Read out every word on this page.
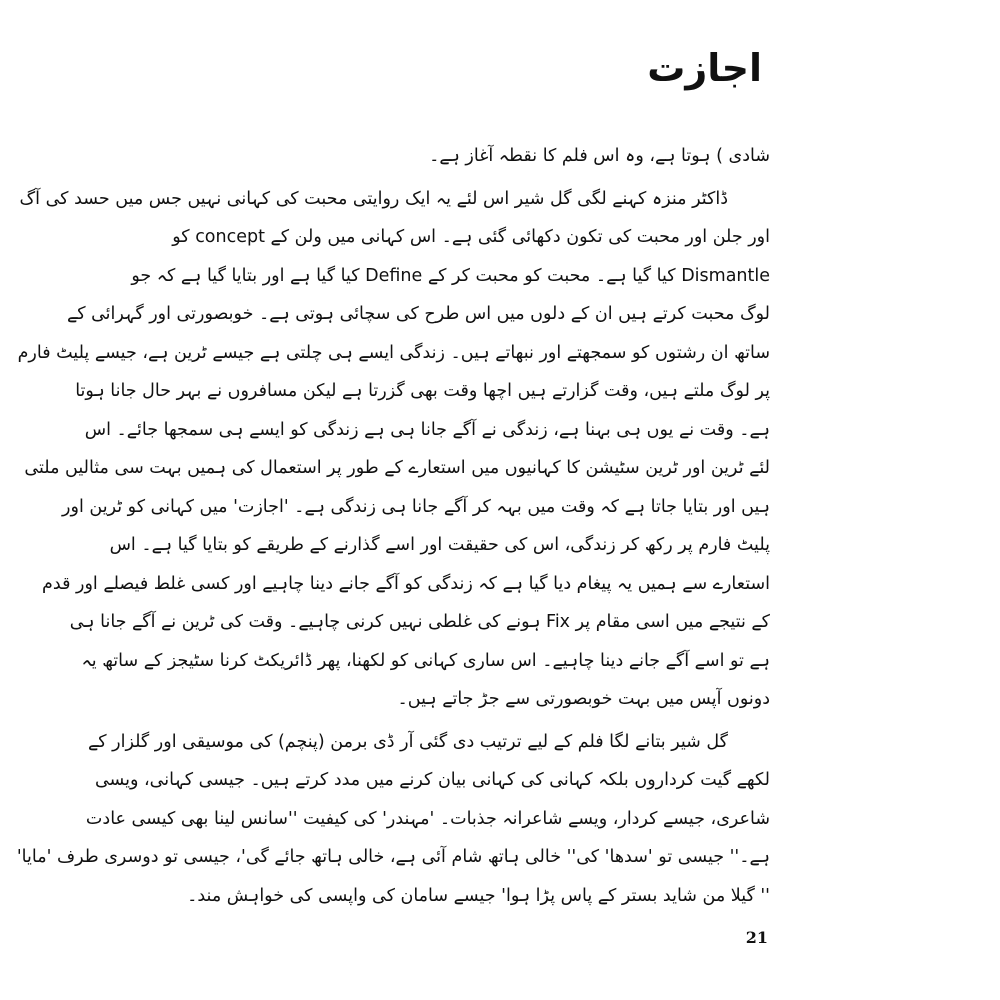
اجازت
شادی ) ہوتا ہے، وہ اس فلم کا نقطہ آغاز ہے۔
ڈاکٹر منزہ کہنے لگی گل شیر اس لئے یہ ایک روایتی محبت کی کہانی نہیں جس میں حسد کی آگ
اور جلن اور محبت کی تکون دکھائی گئی ہے۔ اس کہانی میں ولن کے concept کو
Dismantle کیا گیا ہے۔ محبت کو محبت کر کے Define کیا گیا ہے اور بتایا گیا ہے کہ جو
لوگ محبت کرتے ہیں ان کے دلوں میں اس طرح کی سچائی ہوتی ہے۔ خوبصورتی اور گہرائی کے
ساتھ ان رشتوں کو سمجھتے اور نبھاتے ہیں۔ زندگی ایسے ہی چلتی ہے جیسے ٹرین ہے، جیسے پلیٹ فارم
پر لوگ ملتے ہیں، وقت گزارتے ہیں اچھا وقت بھی گزرتا ہے لیکن مسافروں نے بہر حال جانا ہوتا
ہے۔ وقت نے یوں ہی بہنا ہے، زندگی نے آگے جانا ہی ہے زندگی کو ایسے ہی سمجھا جائے۔ اس
لئے ٹرین اور ٹرین سٹیشن کا کہانیوں میں استعارے کے طور پر استعمال کی ہمیں بہت سی مثالیں ملتی
ہیں اور بتایا جاتا ہے کہ وقت میں بہہ کر آگے جانا ہی زندگی ہے۔ 'اجازت' میں کہانی کو ٹرین اور
پلیٹ فارم پر رکھ کر زندگی، اس کی حقیقت اور اسے گذارنے کے طریقے کو بتایا گیا ہے۔ اس
استعارے سے ہمیں یہ پیغام دیا گیا ہے کہ زندگی کو آگے جانے دینا چاہیے اور کسی غلط فیصلے اور قدم
کے نتیجے میں اسی مقام پر Fix ہونے کی غلطی نہیں کرنی چاہیے۔ وقت کی ٹرین نے آگے جانا ہی
ہے تو اسے آگے جانے دینا چاہیے۔ اس ساری کہانی کو لکھنا، پھر ڈائریکٹ کرنا سٹیجز کے ساتھ یہ
دونوں آپس میں بہت خوبصورتی سے جڑ جاتے ہیں۔
گل شیر بتانے لگا فلم کے لیے ترتیب دی گئی آر ڈی برمن (پنچم) کی موسیقی اور گلزار کے
لکھے گیت کرداروں بلکہ کہانی کی کہانی بیان کرنے میں مدد کرتے ہیں۔ جیسی کہانی، ویسی
شاعری، جیسے کردار، ویسے شاعرانہ جذبات۔ 'مہندر' کی کیفیت ''سانس لینا بھی کیسی عادت
ہے۔'' جیسی تو 'سدھا' کی'' خالی ہاتھ شام آئی ہے، خالی ہاتھ جائے گی'، جیسی تو دوسری طرف 'مایا'
'' گیلا من شاید بستر کے پاس پڑا ہوا' جیسے سامان کی واپسی کی خواہش مند۔
21
